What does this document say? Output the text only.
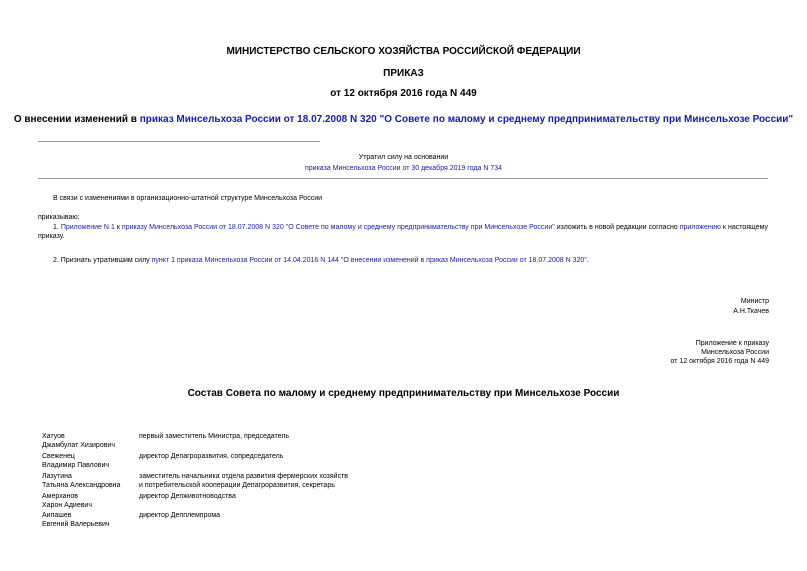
МИНИСТЕРСТВО СЕЛЬСКОГО ХОЗЯЙСТВА РОССИЙСКОЙ ФЕДЕРАЦИИ
ПРИКАЗ
от 12 октября 2016 года N 449
О внесении изменений в приказ Минсельхоза России от 18.07.2008 N 320 "О Совете по малому и среднему предпринимательству при Минсельхозе России"
Утратил силу на основании
приказа Минсельхоза России от 30 декабря 2019 года N 734
В связи с изменениями в организационно-штатной структуре Минсельхоза России
приказываю:
1. Приложение N 1 к приказу Минсельхоза России от 18.07.2008 N 320 "О Совете по малому и среднему предпринимательству при Минсельхозе России" изложить в новой редакции согласно приложению к настоящему приказу.
2. Признать утратившим силу пункт 1 приказа Минсельхоза России от 14.04.2016 N 144 "О внесении изменений в приказ Минсельхоза России от 18.07.2008 N 320".
Министр
А.Н.Ткачев
Приложение к приказу
Минсельхоза России
от 12 октября 2016 года N 449
Состав Совета по малому и среднему предпринимательству при Минсельхозе России
Хатуов
Джамбулат Хизирович
первый заместитель Министра, председатель
Свеженец
Владимир Павлович
директор Депагроразвития, сопредседатель
Лазутина
Татьяна Александровна
заместитель начальника отдела развития фермерских хозяйств
и потребительской кооперации Депагроразвития, секретарь
Амерханов
Харон Адиевич
директор Депживотноводства
Аипашев
Евгений Валерьевич
директор Депплемпрома
